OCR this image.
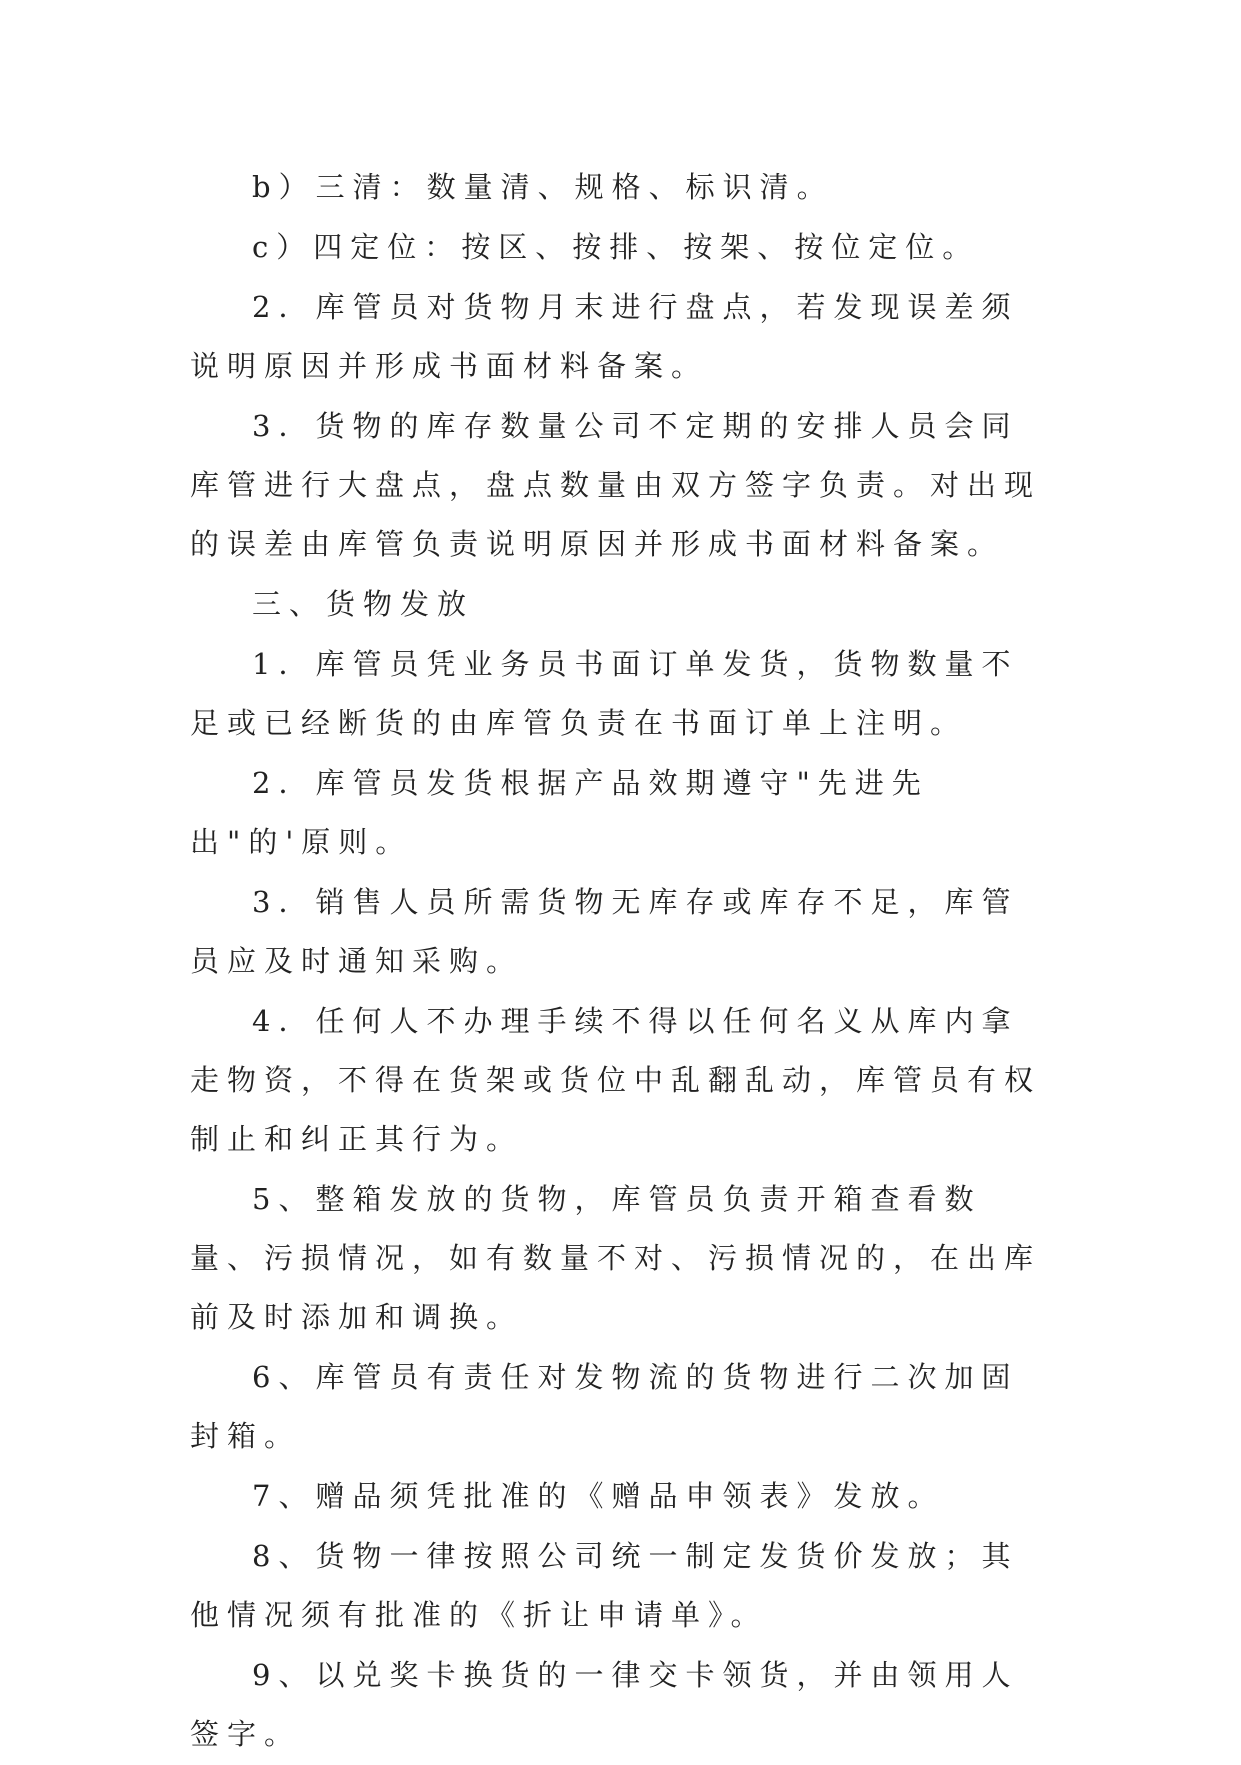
b）三清：数量清、规格、标识清。

c）四定位：按区、按排、按架、按位定位。

2．库管员对货物月末进行盘点，若发现误差须说明原因并形成书面材料备案。

3．货物的库存数量公司不定期的安排人员会同库管进行大盘点，盘点数量由双方签字负责。对出现的误差由库管负责说明原因并形成书面材料备案。

三、货物发放

1．库管员凭业务员书面订单发货，货物数量不足或已经断货的由库管负责在书面订单上注明。

2．库管员发货根据产品效期遵守"先进先出"的'原则。

3．销售人员所需货物无库存或库存不足，库管员应及时通知采购。

4．任何人不办理手续不得以任何名义从库内拿走物资，不得在货架或货位中乱翻乱动，库管员有权制止和纠正其行为。

5、整箱发放的货物，库管员负责开箱查看数量、污损情况，如有数量不对、污损情况的，在出库前及时添加和调换。

6、库管员有责任对发物流的货物进行二次加固封箱。

7、赠品须凭批准的《赠品申领表》发放。

8、货物一律按照公司统一制定发货价发放；其他情况须有批准的《折让申请单》。

9、以兑奖卡换货的一律交卡领货，并由领用人签字。
